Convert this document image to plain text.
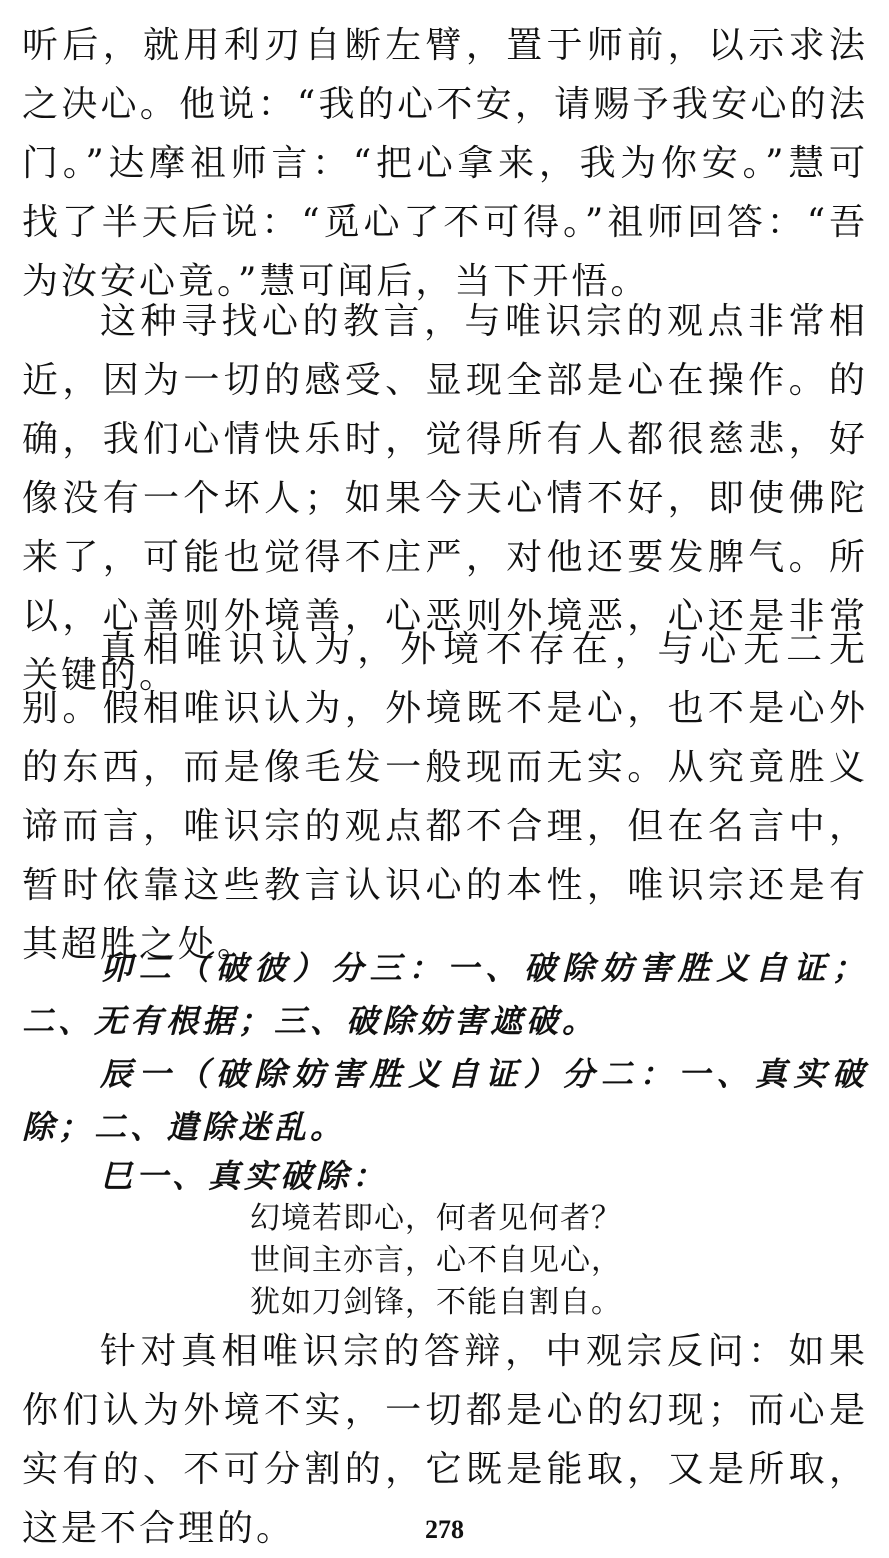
听后，就用利刃自断左臂，置于师前，以示求法之决心。他说：“我的心不安，请赐予我安心的法门。”达摩祖师言：“把心拿来，我为你安。”慧可找了半天后说：“觅心了不可得。”祖师回答：“吾为汝安心竟。”慧可闻后，当下开悟。

这种寻找心的教言，与唯识宗的观点非常相近，因为一切的感受、显现全部是心在操作。的确，我们心情快乐时，觉得所有人都很慈悲，好像没有一个坏人；如果今天心情不好，即使佛陀来了，可能也觉得不庄严，对他还要发脾气。所以，心善则外境善，心恶则外境恶，心还是非常关键的。

真相唯识认为，外境不存在，与心无二无别。假相唯识认为，外境既不是心，也不是心外的东西，而是像毛发一般现而无实。从究竟胜义谛而言，唯识宗的观点都不合理，但在名言中，暂时依靠这些教言认识心的本性，唯识宗还是有其超胜之处。

卯二（破彼）分三：一、破除妨害胜义自证；二、无有根据；三、破除妨害遮破。

辰一（破除妨害胜义自证）分二：一、真实破除；二、遣除迷乱。

巳一、真实破除：

幻境若即心，何者见何者？
世间主亦言，心不自见心，
犹如刀剑锋，不能自割自。

针对真相唯识宗的答辩，中观宗反问：如果你们认为外境不实，一切都是心的幻现；而心是实有的、不可分割的，它既是能取，又是所取，这是不合理的。	278
